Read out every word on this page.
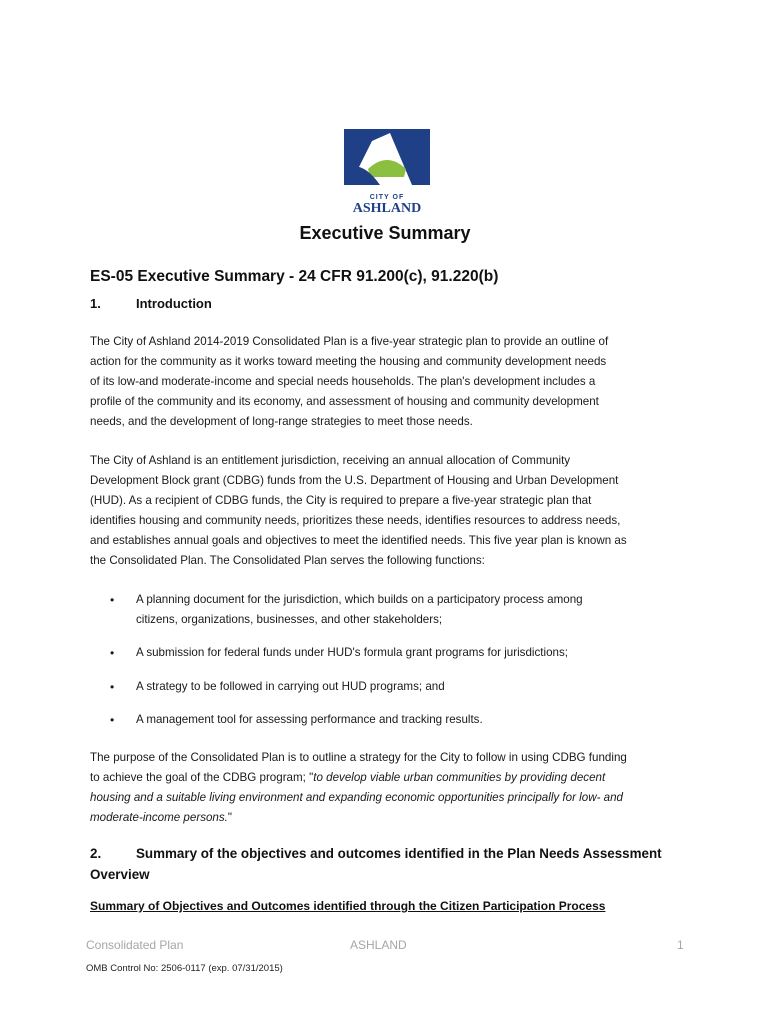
CITY OF
ASHLAND
Executive Summary
ES-05 Executive Summary - 24 CFR 91.200(c), 91.220(b)
1.	Introduction
The City of Ashland 2014-2019 Consolidated Plan is a five-year strategic plan to provide an outline of
action for the community as it works toward meeting the housing and community development needs
of its low-and moderate-income and special needs households. The plan's development includes a
profile of the community and its economy, and assessment of housing and community development
needs, and the development of long-range strategies to meet those needs.
The City of Ashland is an entitlement jurisdiction, receiving an annual allocation of Community
Development Block grant (CDBG) funds from the U.S. Department of Housing and Urban Development
(HUD). As a recipient of CDBG funds, the City is required to prepare a five-year strategic plan that
identifies housing and community needs, prioritizes these needs, identifies resources to address needs,
and establishes annual goals and objectives to meet the identified needs. This five year plan is known as
the Consolidated Plan. The Consolidated Plan serves the following functions:
• A planning document for the jurisdiction, which builds on a participatory process among
citizens, organizations, businesses, and other stakeholders;
• A submission for federal funds under HUD's formula grant programs for jurisdictions;
• A strategy to be followed in carrying out HUD programs; and
• A management tool for assessing performance and tracking results.
The purpose of the Consolidated Plan is to outline a strategy for the City to follow in using CDBG funding
to achieve the goal of the CDBG program; "to develop viable urban communities by providing decent
housing and a suitable living environment and expanding economic opportunities principally for low- and
moderate-income persons."
2.	Summary of the objectives and outcomes identified in the Plan Needs Assessment
Overview
Summary of Objectives and Outcomes identified through the Citizen Participation Process
Consolidated Plan	ASHLAND	1
OMB Control No: 2506-0117 (exp. 07/31/2015)
